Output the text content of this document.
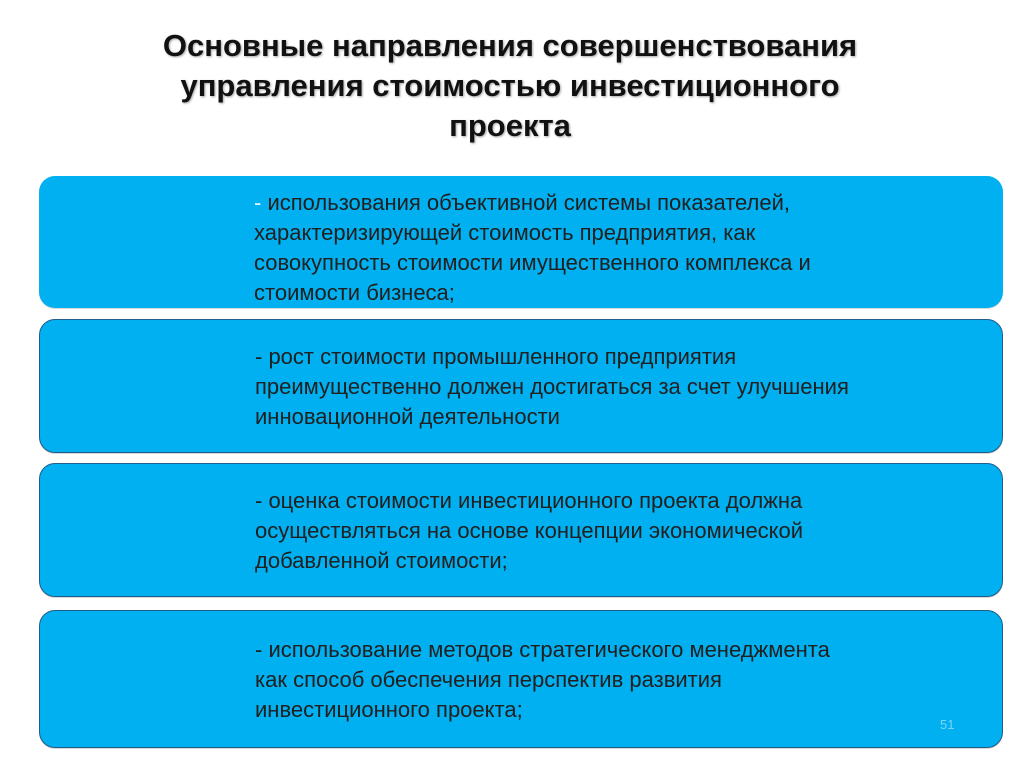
Основные направления совершенствования
управления стоимостью инвестиционного
проекта
- использования объективной системы показателей,
характеризирующей стоимость предприятия, как
совокупность стоимости имущественного комплекса и
стоимости бизнеса;
- рост стоимости промышленного предприятия
преимущественно должен достигаться за счет улучшения
инновационной деятельности
- оценка стоимости инвестиционного проекта должна
осуществляться на основе концепции экономической
добавленной стоимости;
- использование методов стратегического менеджмента
как способ обеспечения перспектив развития
инвестиционного проекта;
51
